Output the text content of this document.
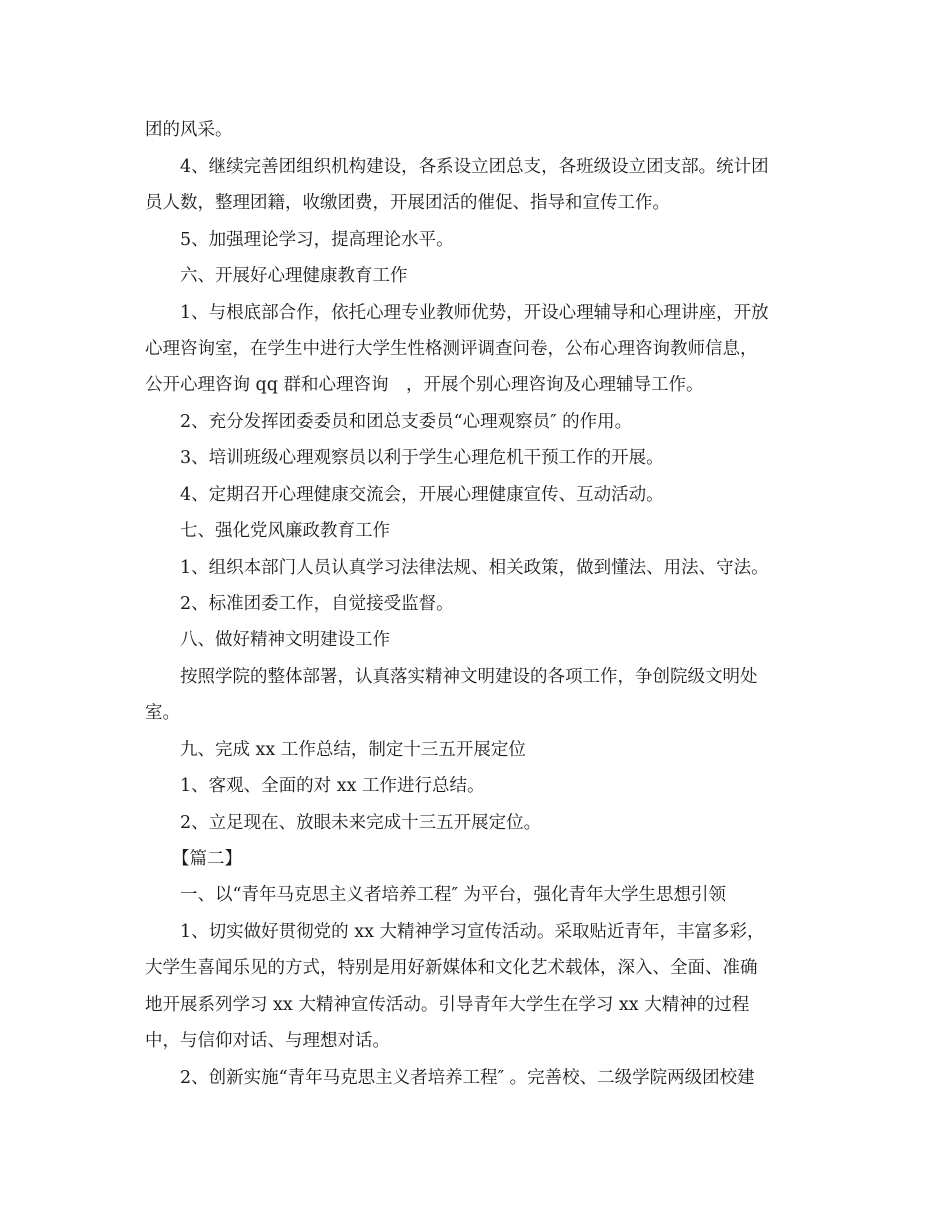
团的风采。
4、继续完善团组织机构建设，各系设立团总支，各班级设立团支部。统计团
员人数，整理团籍，收缴团费，开展团活的催促、指导和宣传工作。
5、加强理论学习，提高理论水平。
六、开展好心理健康教育工作
1、与根底部合作，依托心理专业教师优势，开设心理辅导和心理讲座，开放
心理咨询室，在学生中进行大学生性格测评调查问卷，公布心理咨询教师信息，
公开心理咨询 qq 群和心理咨询　，开展个别心理咨询及心理辅导工作。
2、充分发挥团委委员和团总支委员“心理观察员″ 的作用。
3、培训班级心理观察员以利于学生心理危机干预工作的开展。
4、定期召开心理健康交流会，开展心理健康宣传、互动活动。
七、强化党风廉政教育工作
1、组织本部门人员认真学习法律法规、相关政策，做到懂法、用法、守法。
2、标准团委工作，自觉接受监督。
八、做好精神文明建设工作
按照学院的整体部署，认真落实精神文明建设的各项工作，争创院级文明处
室。
九、完成 xx 工作总结，制定十三五开展定位
1、客观、全面的对 xx 工作进行总结。
2、立足现在、放眼未来完成十三五开展定位。
【篇二】
一、以“青年马克思主义者培养工程″ 为平台，强化青年大学生思想引领
1、切实做好贯彻党的 xx 大精神学习宣传活动。采取贴近青年，丰富多彩，
大学生喜闻乐见的方式，特别是用好新媒体和文化艺术载体，深入、全面、准确
地开展系列学习 xx 大精神宣传活动。引导青年大学生在学习 xx 大精神的过程
中，与信仰对话、与理想对话。
2、创新实施“青年马克思主义者培养工程″ 。完善校、二级学院两级团校建
